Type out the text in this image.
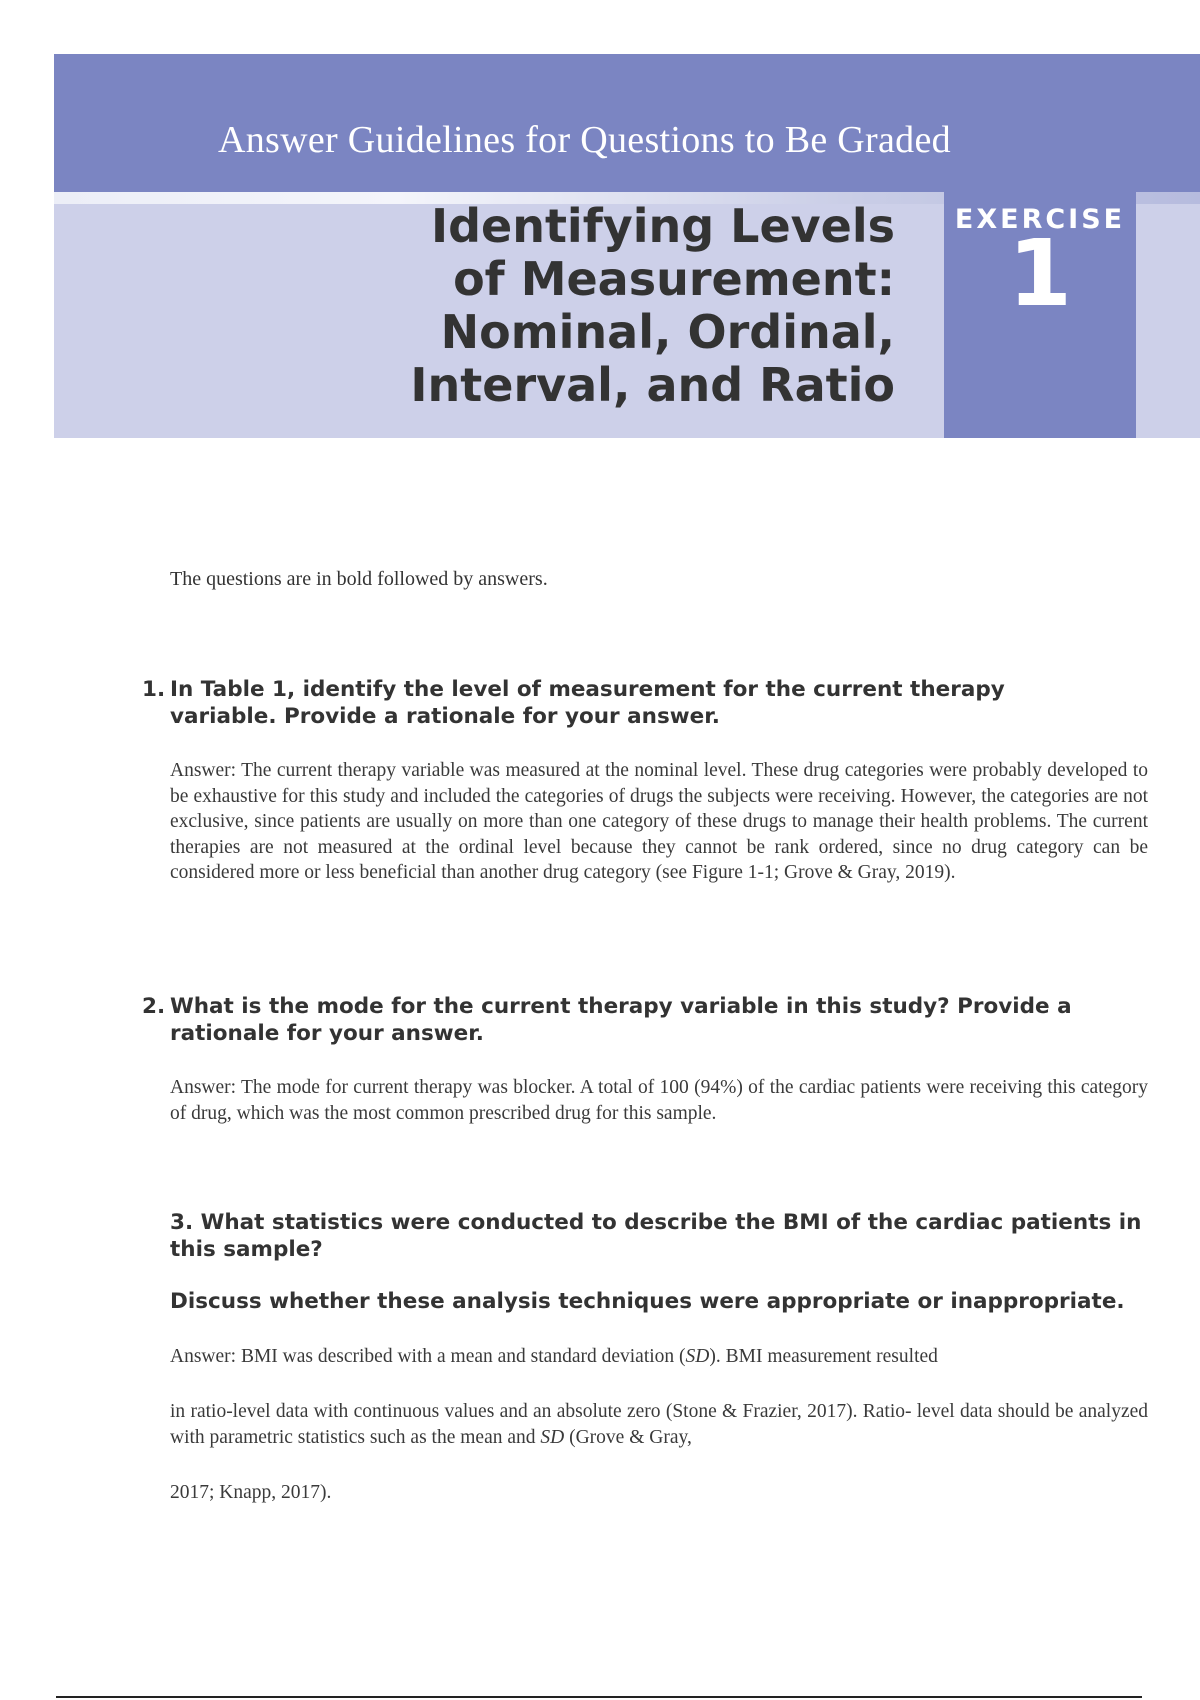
Answer Guidelines for Questions to Be Graded
Identifying Levels
of Measurement:
Nominal, Ordinal,
Interval, and Ratio
EXERCISE
1
The questions are in bold followed by answers.
1. In Table 1, identify the level of measurement for the current therapy variable. Provide a rationale for your answer.
Answer: The current therapy variable was measured at the nominal level. These drug categories were probably developed to be exhaustive for this study and included the categories of drugs the subjects were receiving. However, the categories are not exclusive, since patients are usually on more than one category of these drugs to manage their health problems. The current therapies are not measured at the ordinal level because they cannot be rank ordered, since no drug category can be considered more or less beneficial than another drug category (see Figure 1-1; Grove & Gray, 2019).
2. What is the mode for the current therapy variable in this study? Provide a rationale for your answer.
Answer: The mode for current therapy was blocker. A total of 100 (94%) of the cardiac patients were receiving this category of drug, which was the most common prescribed drug for this sample.
3. What statistics were conducted to describe the BMI of the cardiac patients in this sample?
Discuss whether these analysis techniques were appropriate or inappropriate.
Answer: BMI was described with a mean and standard deviation (SD). BMI measurement resulted
in ratio-level data with continuous values and an absolute zero (Stone & Frazier, 2017). Ratio- level data should be analyzed with parametric statistics such as the mean and SD (Grove & Gray,
2017; Knapp, 2017).
